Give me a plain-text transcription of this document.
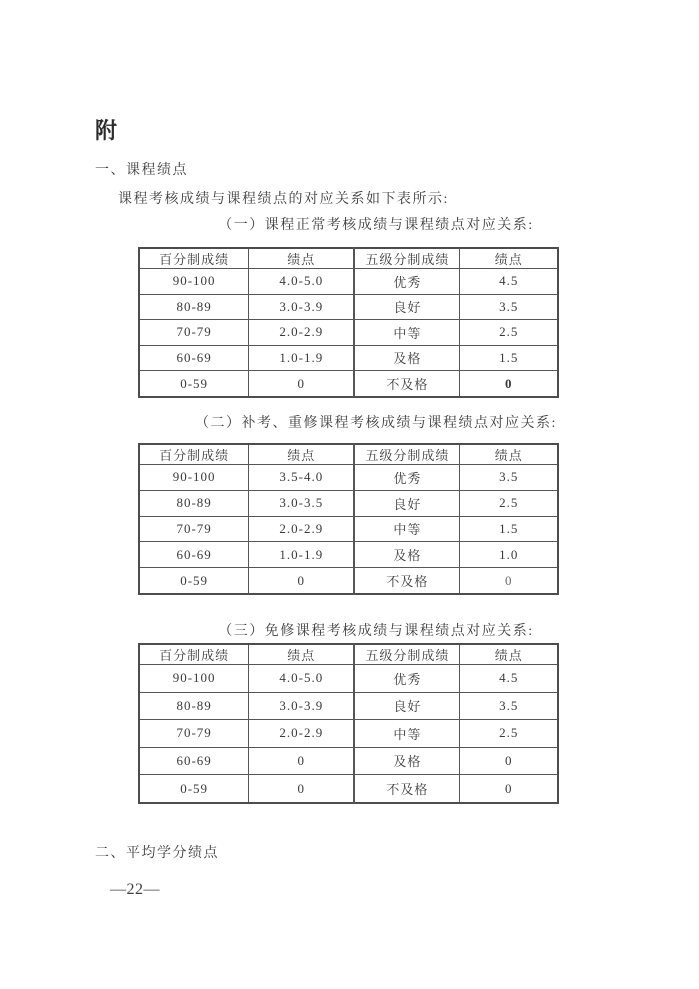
附
一、课程绩点
课程考核成绩与课程绩点的对应关系如下表所示:
（一）课程正常考核成绩与课程绩点对应关系:
百分制成绩	绩点	五级分制成绩	绩点
90-100	4.0-5.0	优秀	4.5
80-89	3.0-3.9	良好	3.5
70-79	2.0-2.9	中等	2.5
60-69	1.0-1.9	及格	1.5
0-59	0	不及格	0
（二）补考、重修课程考核成绩与课程绩点对应关系:
百分制成绩	绩点	五级分制成绩	绩点
90-100	3.5-4.0	优秀	3.5
80-89	3.0-3.5	良好	2.5
70-79	2.0-2.9	中等	1.5
60-69	1.0-1.9	及格	1.0
0-59	0	不及格	0
（三）免修课程考核成绩与课程绩点对应关系:
百分制成绩	绩点	五级分制成绩	绩点
90-100	4.0-5.0	优秀	4.5
80-89	3.0-3.9	良好	3.5
70-79	2.0-2.9	中等	2.5
60-69	0	及格	0
0-59	0	不及格	0
二、平均学分绩点
—22—
